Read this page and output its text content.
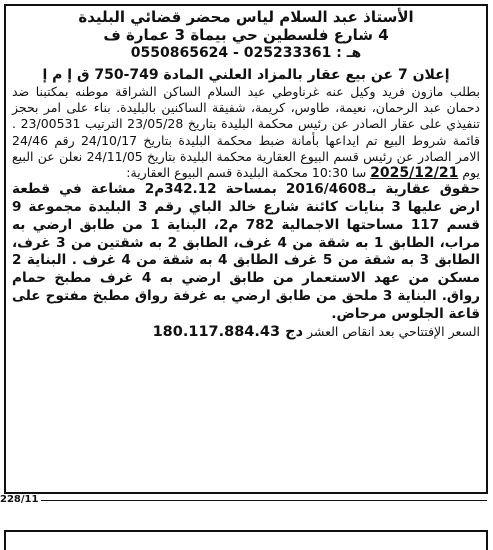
الأستاذ عبد السلام لياس محضر قضائي البليدة

4 شارع فلسطين حي بيماة 3 عمارة ف

هـ : 025233361 - 0550865624

إعلان 7 عن بيع عقار بالمزاد العلني المادة 749-750 ق إ م إ

بطلب مازون فريد وكيل عنه غرناوطي عبد السلام الساكن الشراقة موطنه بمكتبنا ضد دحمان عبد الرحمان، نعيمة، طاوس، كريمة، شفيقة الساكنين بالبليدة. بناء على امر بحجز تنفيذي على عقار الصادر عن رئيس محكمة البليدة بتاريخ 23/05/28 الترتيب 23/00531 . قائمة شروط البيع تم ايداعها بأمانة ضبط محكمة البليدة بتاريخ 24/10/17 رقم 24/46 الامر الصادر عن رئيس قسم البيوع العقارية محكمة البليدة بتاريخ 24/11/05 نعلن عن البيع يوم 2025/12/21 سا 10:30 محكمة البليدة قسم البيوع العقارية:

حقوق عقارية بـ2016/4608 بمساحة 342.12م2 مشاعة في قطعة ارض عليها 3 بنايات كائنة شارع خالد الباي رقم 3 البليدة مجموعة 9 قسم 117 مساحتها الاجمالية 782 م2، البناية 1 من طابق ارضي به مراب، الطابق 1 به شقة من 4 غرف، الطابق 2 به شقتين من 3 غرف، الطابق 3 به شقة من 5 غرف الطابق 4 به شقة من 4 غرف . البناية 2 مسكن من عهد الاستعمار من طابق ارضي به 4 غرف مطبخ حمام رواق. البناية 3 ملحق من طابق ارضي به غرفة رواق مطبخ مفتوح على قاعة الجلوس مرحاض.

السعر الإفتتاحي بعد انقاص العشر 180.117.884.43 دج

228/11
